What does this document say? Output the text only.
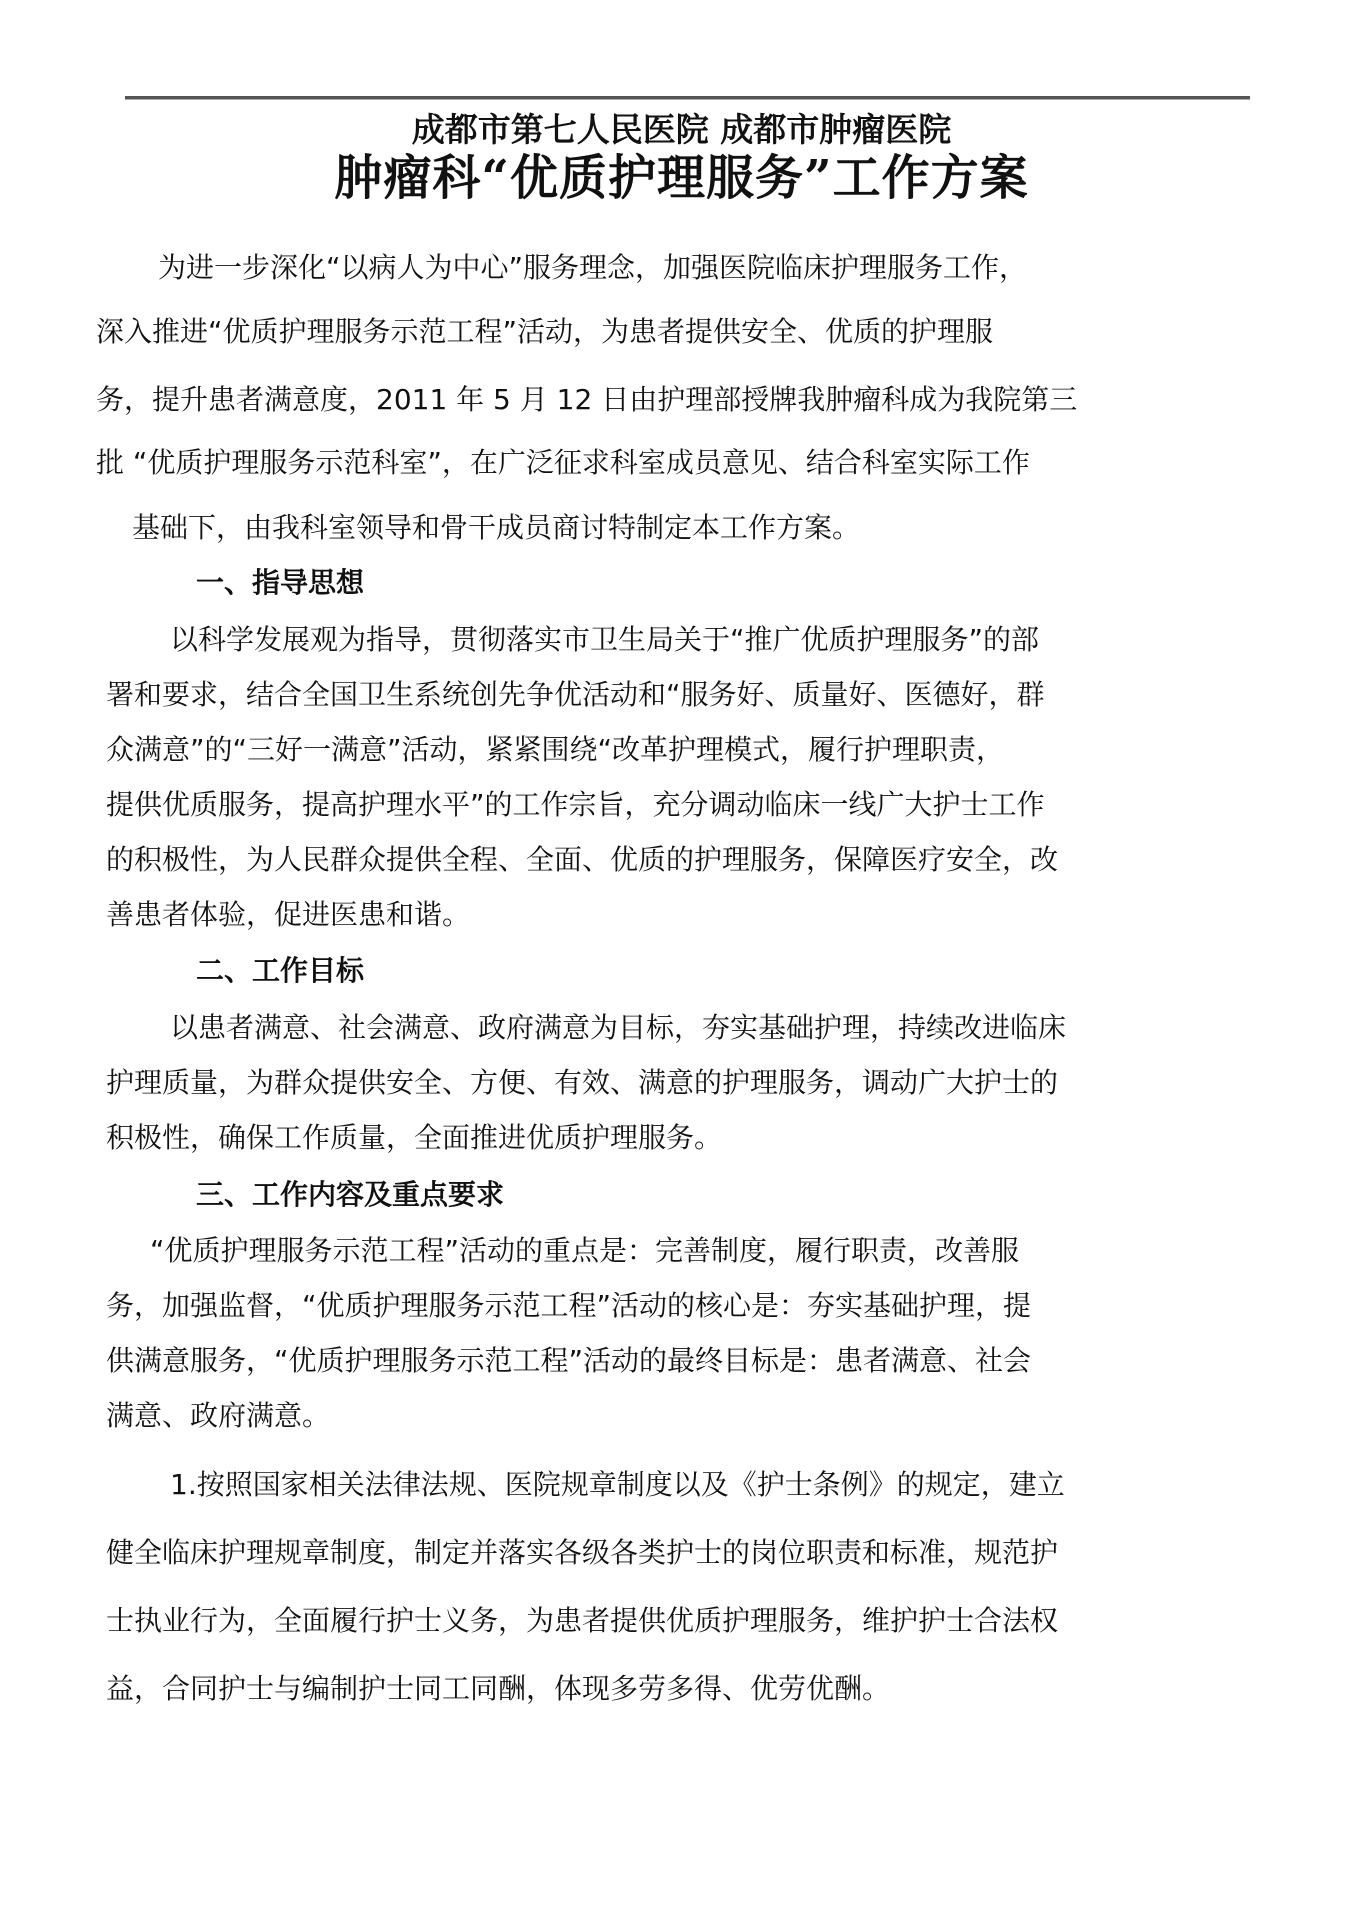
成都市第七人民医院 成都市肿瘤医院
肿瘤科“优质护理服务”工作方案
为进一步深化“以病人为中心”服务理念，加强医院临床护理服务工作，
深入推进“优质护理服务示范工程”活动，为患者提供安全、优质的护理服
务，提升患者满意度，2011 年 5 月 12 日由护理部授牌我肿瘤科成为我院第三
批 “优质护理服务示范科室”，在广泛征求科室成员意见、结合科室实际工作
基础下，由我科室领导和骨干成员商讨特制定本工作方案。
一、指导思想
以科学发展观为指导，贯彻落实市卫生局关于“推广优质护理服务”的部
署和要求，结合全国卫生系统创先争优活动和“服务好、质量好、医德好，群
众满意”的“三好一满意”活动，紧紧围绕“改革护理模式，履行护理职责，
提供优质服务，提高护理水平”的工作宗旨，充分调动临床一线广大护士工作
的积极性，为人民群众提供全程、全面、优质的护理服务，保障医疗安全，改
善患者体验，促进医患和谐。
二、工作目标
以患者满意、社会满意、政府满意为目标，夯实基础护理，持续改进临床
护理质量，为群众提供安全、方便、有效、满意的护理服务，调动广大护士的
积极性，确保工作质量，全面推进优质护理服务。
三、工作内容及重点要求
“优质护理服务示范工程”活动的重点是：完善制度，履行职责，改善服
务，加强监督，“优质护理服务示范工程”活动的核心是：夯实基础护理，提
供满意服务，“优质护理服务示范工程”活动的最终目标是：患者满意、社会
满意、政府满意。
1.按照国家相关法律法规、医院规章制度以及《护士条例》的规定，建立
健全临床护理规章制度，制定并落实各级各类护士的岗位职责和标准，规范护
士执业行为，全面履行护士义务，为患者提供优质护理服务，维护护士合法权
益，合同护士与编制护士同工同酬，体现多劳多得、优劳优酬。
